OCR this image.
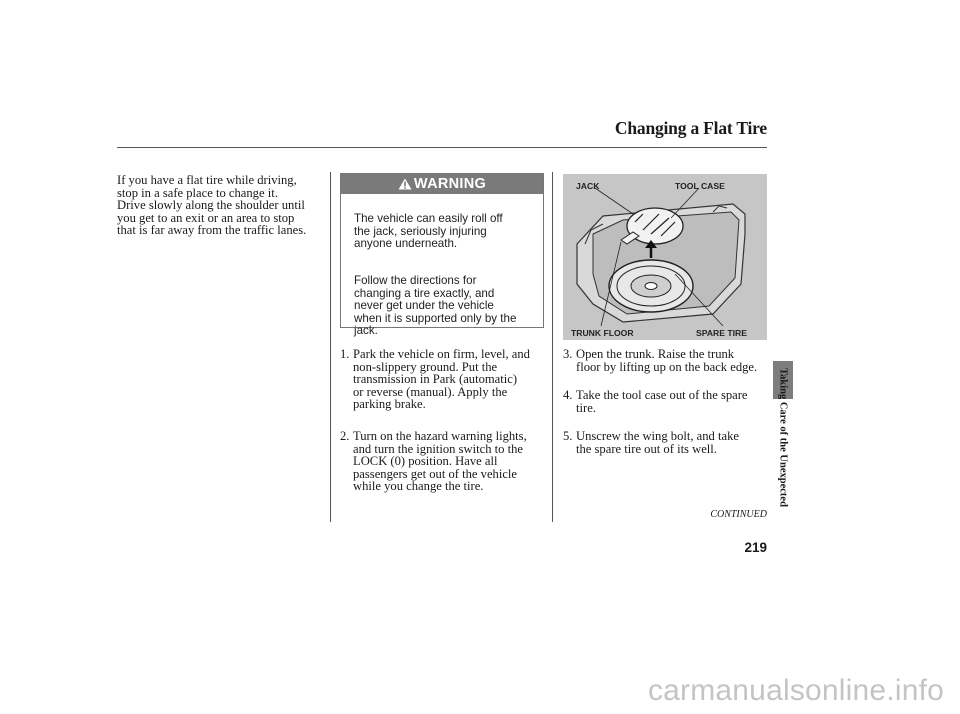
Changing a Flat Tire
If you have a flat tire while driving,
stop in a safe place to change it.
Drive slowly along the shoulder until
you get to an exit or an area to stop
that is far away from the traffic lanes.
WARNING

The vehicle can easily roll off
the jack, seriously injuring
anyone underneath.

Follow the directions for
changing a tire exactly, and
never get under the vehicle
when it is supported only by the
jack.

1. Park the vehicle on firm, level, and
non-slippery ground. Put the
transmission in Park (automatic)
or reverse (manual). Apply the
parking brake.
2. Turn on the hazard warning lights,
and turn the ignition switch to the
LOCK (0) position. Have all
passengers get out of the vehicle
while you change the tire.
3. Open the trunk. Raise the trunk
floor by lifting up on the back edge.
4. Take the tool case out of the spare
tire.
5. Unscrew the wing bolt, and take
the spare tire out of its well.
JACK	TOOL CASE
TRUNK FLOOR	SPARE TIRE
CONTINUED
Taking Care of the Unexpected
219
carmanualsonline.info
